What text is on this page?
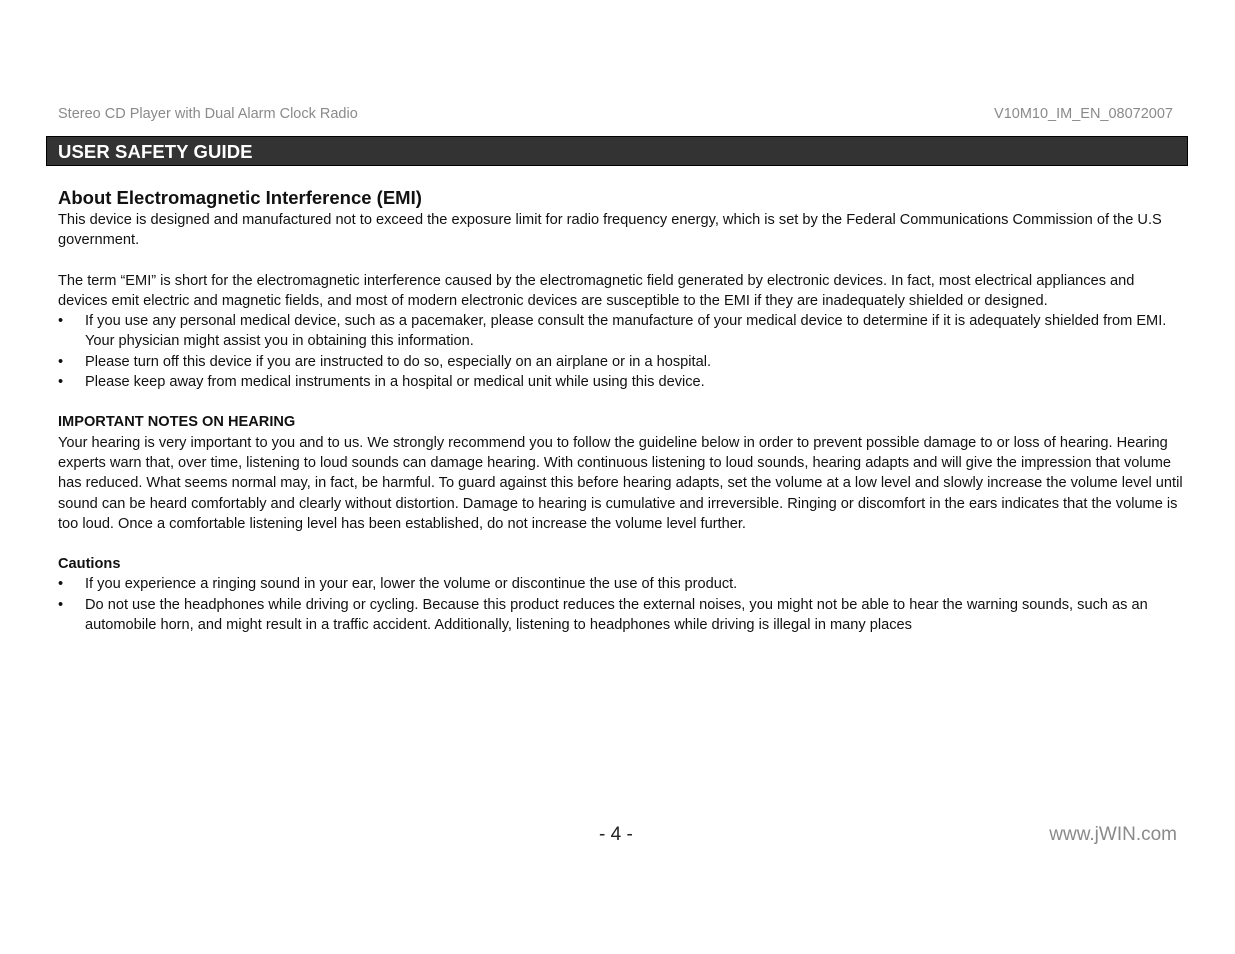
Stereo CD Player with Dual Alarm Clock Radio	V10M10_IM_EN_08072007
USER SAFETY GUIDE
About Electromagnetic Interference (EMI)

This device is designed and manufactured not to exceed the exposure limit for radio frequency energy, which is set by the Federal Communications Commission of the U.S government.

The term “EMI” is short for the electromagnetic interference caused by the electromagnetic field generated by electronic devices. In fact, most electrical appliances and devices emit electric and magnetic fields, and most of modern electronic devices are susceptible to the EMI if they are inadequately shielded or designed.

• If you use any personal medical device, such as a pacemaker, please consult the manufacture of your medical device to determine if it is adequately shielded from EMI. Your physician might assist you in obtaining this information.
• Please turn off this device if you are instructed to do so, especially on an airplane or in a hospital.
• Please keep away from medical instruments in a hospital or medical unit while using this device.
IMPORTANT NOTES ON HEARING

Your hearing is very important to you and to us. We strongly recommend you to follow the guideline below in order to prevent possible damage to or loss of hearing. Hearing experts warn that, over time, listening to loud sounds can damage hearing. With continuous listening to loud sounds, hearing adapts and will give the impression that volume has reduced. What seems normal may, in fact, be harmful. To guard against this before hearing adapts, set the volume at a low level and slowly increase the volume level until sound can be heard comfortably and clearly without distortion. Damage to hearing is cumulative and irreversible. Ringing or discomfort in the ears indicates that the volume is too loud. Once a comfortable listening level has been established, do not increase the volume level further.

Cautions
• If you experience a ringing sound in your ear, lower the volume or discontinue the use of this product.
• Do not use the headphones while driving or cycling. Because this product reduces the external noises, you might not be able to hear the warning sounds, such as an automobile horn, and might result in a traffic accident. Additionally, listening to headphones while driving is illegal in many places
- 4 -	www.jWIN.com
